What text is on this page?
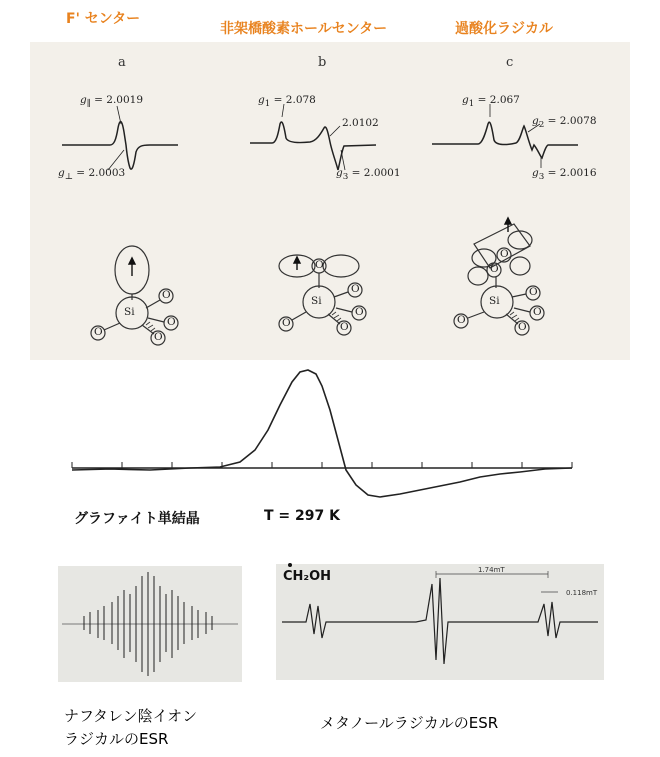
F' センター
非架橋酸素ホールセンター	過酸化ラジカル
a	b	c
$g_\parallel = 2.0019$
$g_\perp = 2.0003$
$g_1 = 2.078$
2.0102
$g_3 = 2.0001$
$g_1 = 2.067$
$g_2 = 2.0078$
$g_3 = 2.0016$
Si
Si	Si
O
O
O
O
O
O
O
O
O
O
O
O
O
O
O
グラファイト単結晶	T = 297 K
CH₂OH	1.74mT
0.118mT
ナフタレン陰イオン
ラジカルのESR
メタノールラジカルのESR
